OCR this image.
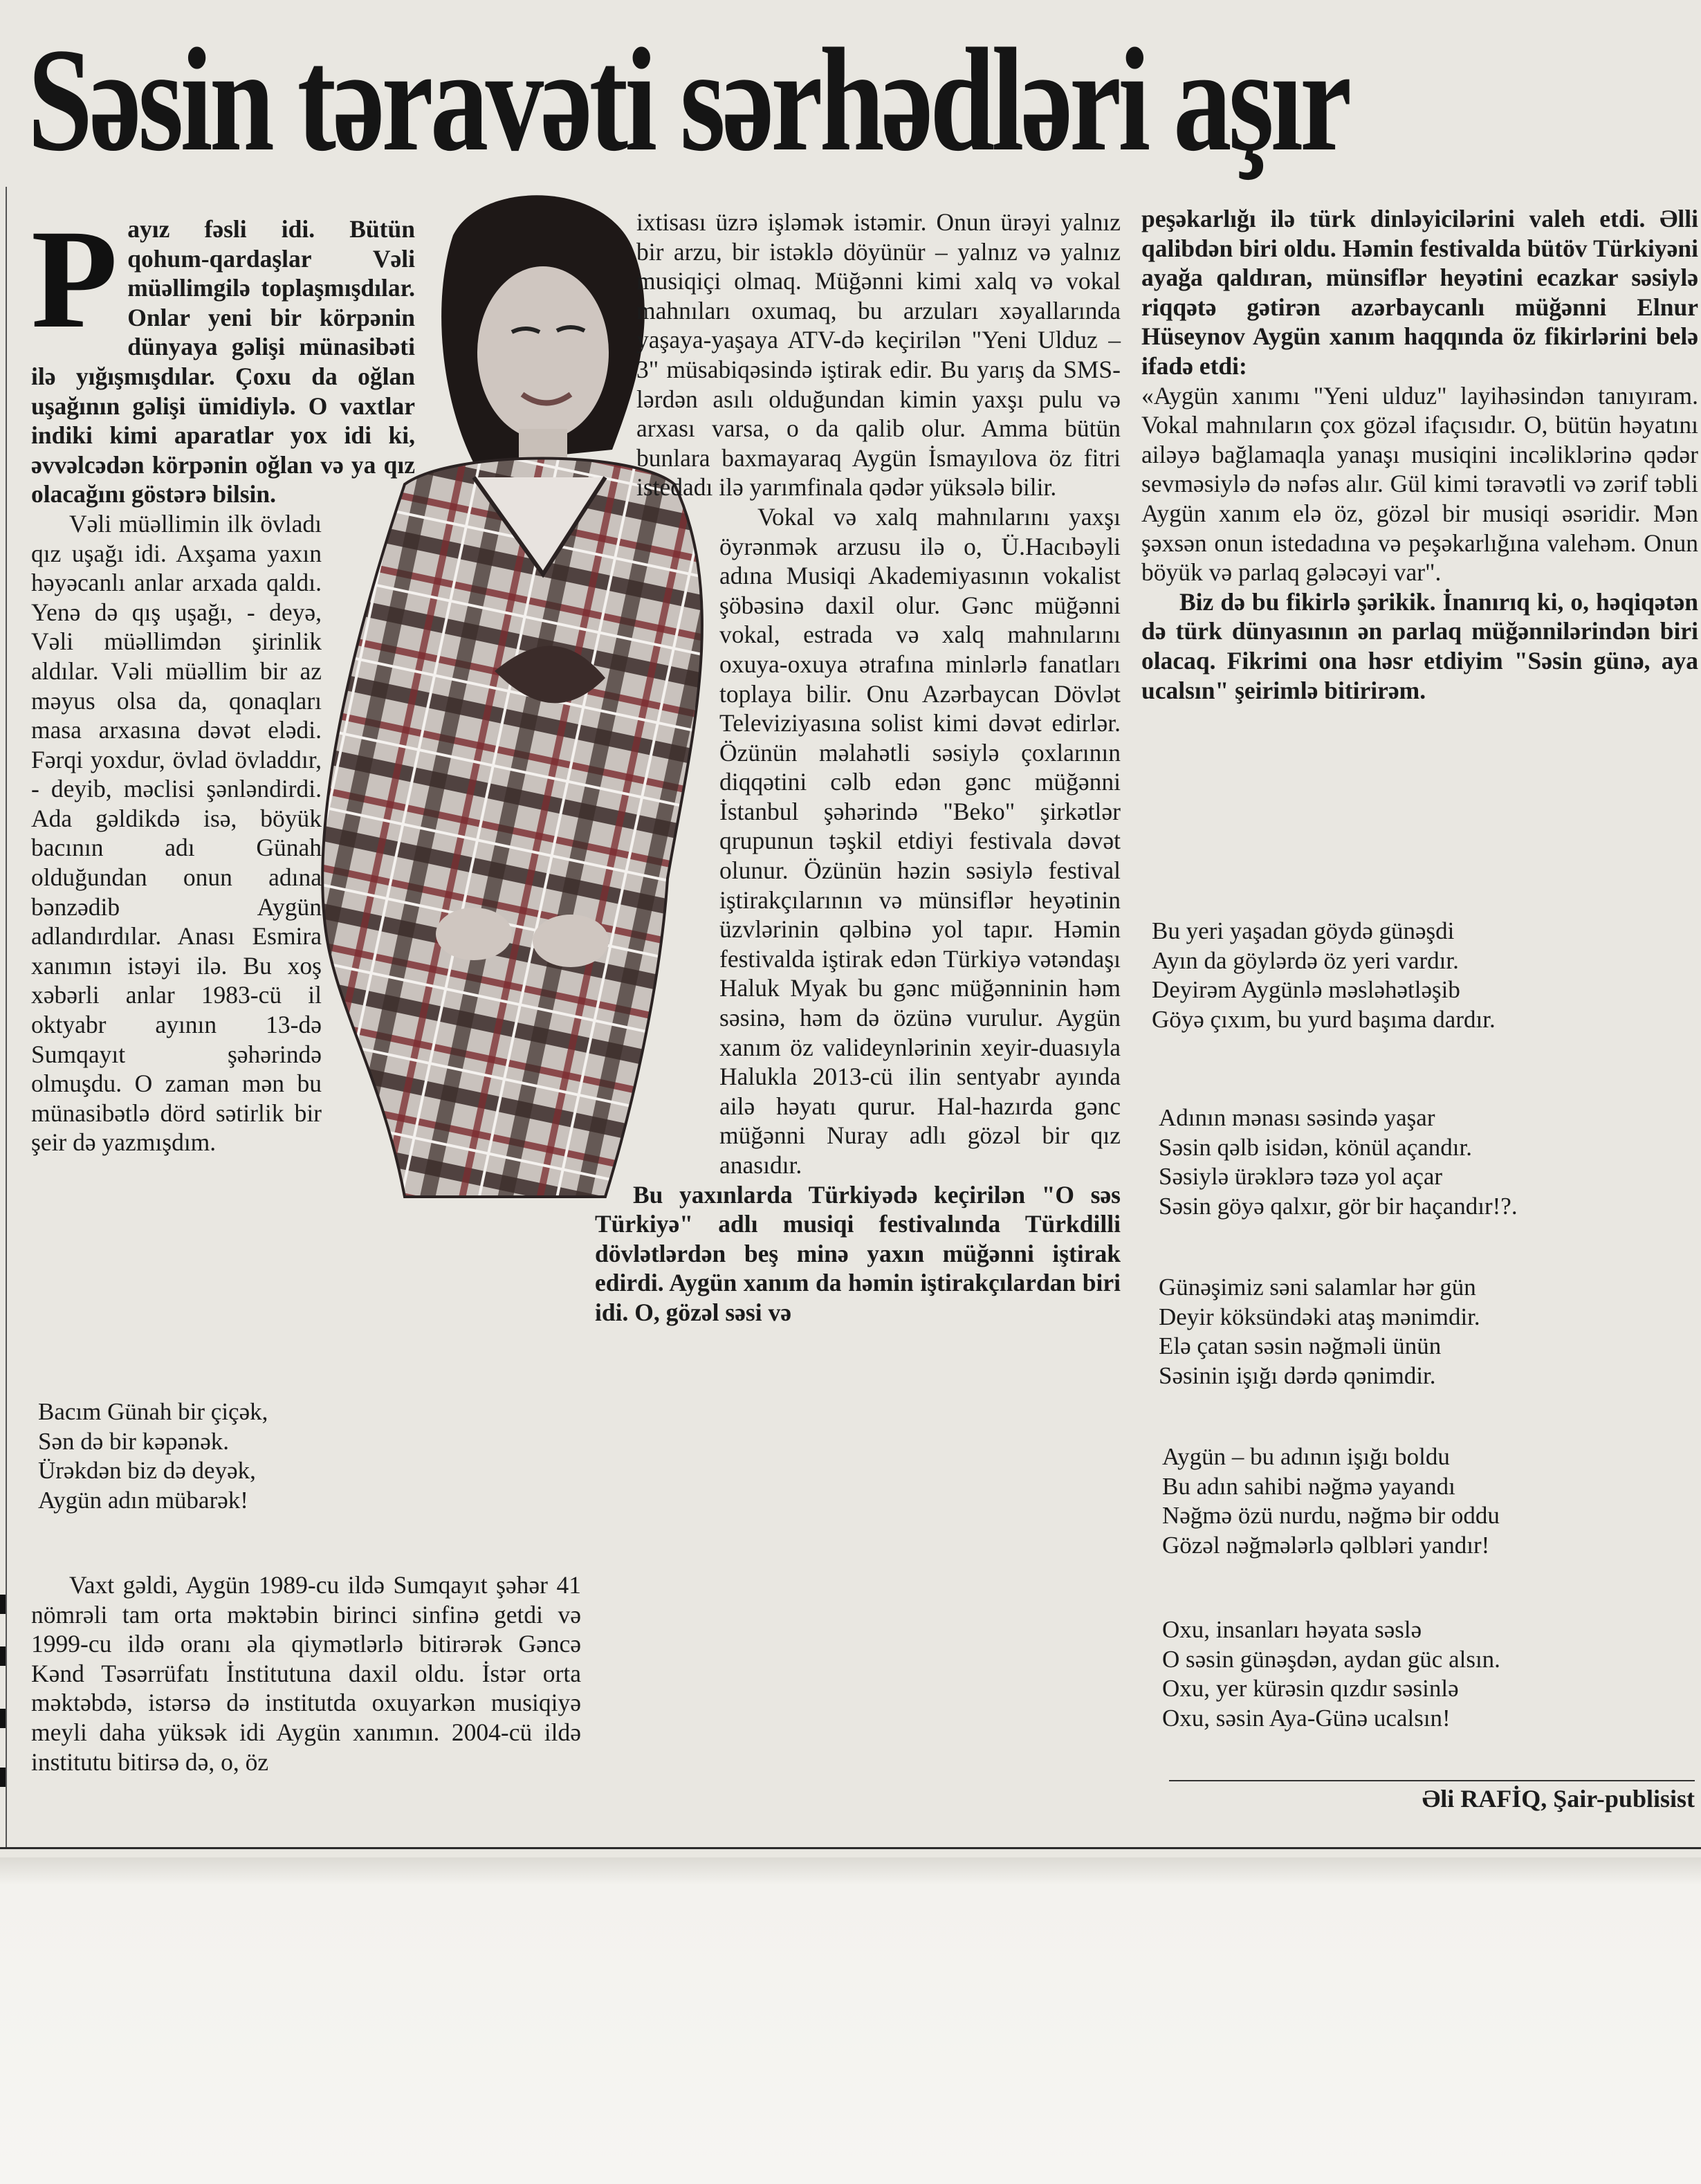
Səsin təravəti sərhədləri aşır

Payız fəsli idi. Bütün qohum-qardaşlar Vəli müəllimgilə toplaşmışdılar. Onlar yeni bir körpənin dünyaya gəlişi münasibəti ilə yığışmışdılar. Çoxu da oğlan uşağının gəlişi ümidiylə. O vaxtlar indiki kimi aparatlar yox idi ki, əvvəlcədən körpənin oğlan və ya qız olacağını göstərə bilsin.

Vəli müəllimin ilk övladı qız uşağı idi. Axşama yaxın həyəcanlı anlar arxada qaldı. Yenə də qış uşağı, - deyə, Vəli müəllimdən şirinlik aldılar. Vəli müəllim bir az məyus olsa da, qonaqları masa arxasına dəvət elədi. Fərqi yoxdur, övlad övladdır, - deyib, məclisi şənləndirdi. Ada gəldikdə isə, böyük bacının adı Günah olduğundan onun adına bənzədib Aygün adlandırdılar. Anası Esmira xanımın istəyi ilə. Bu xoş xəbərli anlar 1983-cü il oktyabr ayının 13-də Sumqayıt şəhərində olmuşdu. O zaman mən bu münasibətlə dörd sətirlik bir şeir də yazmışdım.

Bacım Günah bir çiçək,
Sən də bir kəpənək.
Ürəkdən biz də deyək,
Aygün adın mübarək!

Vaxt gəldi, Aygün 1989-cu ildə Sumqayıt şəhər 41 nömrəli tam orta məktəbin birinci sinfinə getdi və 1999-cu ildə oranı əla qiymətlərlə bitirərək Gəncə Kənd Təsərrüfatı İnstitutuna daxil oldu. İstər orta məktəbdə, istərsə də institutda oxuyarkən musiqiyə meyli daha yüksək idi Aygün xanımın. 2004-cü ildə institutu bitirsə də, o, öz

ixtisası üzrə işləmək istəmir. Onun ürəyi yalnız bir arzu, bir istəklə döyünür – yalnız və yalnız musiqiçi olmaq. Müğənni kimi xalq və vokal mahnıları oxumaq, bu arzuları xəyallarında yaşaya-yaşaya ATV-də keçirilən "Yeni Ulduz – 3" müsabiqəsində iştirak edir. Bu yarış da SMS-lərdən asılı olduğundan kimin yaxşı pulu və arxası varsa, o da qalib olur. Amma bütün bunlara baxmayaraq Aygün İsmayılova öz fitri istedadı ilə yarımfinala qədər yüksələ bilir.

Vokal və xalq mahnılarını yaxşı öyrənmək arzusu ilə o, Ü.Hacıbəyli adına Musiqi Akademiyasının vokalist şöbəsinə daxil olur. Gənc müğənni vokal, estrada və xalq mahnılarını oxuya-oxuya ətrafına minlərlə fanatları toplaya bilir. Onu Azərbaycan Dövlət Televiziyasına solist kimi dəvət edirlər. Özünün məlahətli səsiylə çoxlarının diqqətini cəlb edən gənc müğənni İstanbul şəhərində "Beko" şirkətlər qrupunun təşkil etdiyi festivala dəvət olunur. Özünün həzin səsiylə festival iştirakçılarının və münsiflər heyətinin üzvlərinin qəlbinə yol tapır. Həmin festivalda iştirak edən Türkiyə vətəndaşı Haluk Myak bu gənc müğənninin həm səsinə, həm də özünə vurulur. Aygün xanım öz valideynlərinin xeyir-duasıyla Halukla 2013-cü ilin sentyabr ayında ailə həyatı qurur. Hal-hazırda gənc müğənni Nuray adlı gözəl bir qız anasıdır.

Bu yaxınlarda Türkiyədə keçirilən "O səs Türkiyə" adlı musiqi festivalında Türkdilli dövlətlərdən beş minə yaxın müğənni iştirak edirdi. Aygün xanım da həmin iştirakçılardan biri idi. O, gözəl səsi və

peşəkarlığı ilə türk dinləyicilərini valeh etdi. Əlli qalibdən biri oldu. Həmin festivalda bütöv Türkiyəni ayağa qaldıran, münsiflər heyətini ecazkar səsiylə riqqətə gətirən azərbaycanlı müğənni Elnur Hüseynov Aygün xanım haqqında öz fikirlərini belə ifadə etdi:

«Aygün xanımı "Yeni ulduz" layihəsindən tanıyıram. Vokal mahnıların çox gözəl ifaçısıdır. O, bütün həyatını ailəyə bağlamaqla yanaşı musiqini incəliklərinə qədər sevməsiylə də nəfəs alır. Gül kimi təravətli və zərif təbli Aygün xanım elə öz, gözəl bir musiqi əsəridir. Mən şəxsən onun istedadına və peşəkarlığına valehəm. Onun böyük və parlaq gələcəyi var".

Biz də bu fikirlə şərikik. İnanırıq ki, o, həqiqətən də türk dünyasının ən parlaq müğənnilərindən biri olacaq. Fikrimi ona həsr etdiyim "Səsin günə, aya ucalsın" şeirimlə bitirirəm.

Bu yeri yaşadan göydə günəşdi
Ayın da göylərdə öz yeri vardır.
Deyirəm Aygünlə məsləhətləşib
Göyə çıxım, bu yurd başıma dardır.
Adının mənası səsində yaşar
Səsin qəlb isidən, könül açandır.
Səsiylə ürəklərə təzə yol açar
Səsin göyə qalxır, gör bir haçandır!?.
Günəşimiz səni salamlar hər gün
Deyir köksündəki ataş mənimdir.
Elə çatan səsin nəğməli ünün
Səsinin işığı dərdə qənimdir.
Aygün – bu adının işığı boldu
Bu adın sahibi nəğmə yayandı
Nəğmə özü nurdu, nəğmə bir oddu
Gözəl nəğmələrlə qəlbləri yandır!
Oxu, insanları həyata səslə
O səsin günəşdən, aydan güc alsın.
Oxu, yer kürəsin qızdır səsinlə
Oxu, səsin Aya-Günə ucalsın!
Əli RAFİQ, Şair-publisist
